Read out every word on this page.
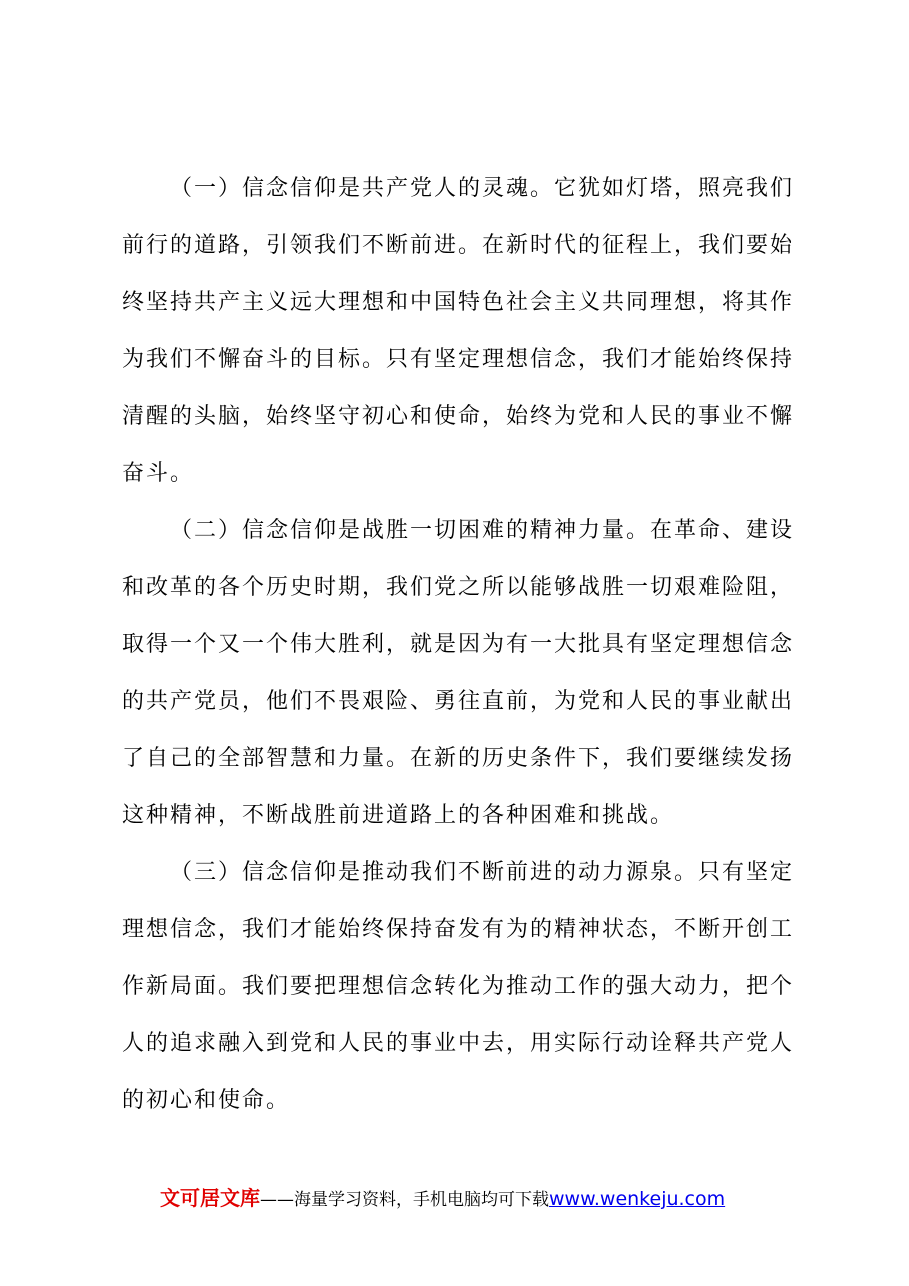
（一）信念信仰是共产党人的灵魂。它犹如灯塔，照亮我们前行的道路，引领我们不断前进。在新时代的征程上，我们要始终坚持共产主义远大理想和中国特色社会主义共同理想，将其作为我们不懈奋斗的目标。只有坚定理想信念，我们才能始终保持清醒的头脑，始终坚守初心和使命，始终为党和人民的事业不懈奋斗。

（二）信念信仰是战胜一切困难的精神力量。在革命、建设和改革的各个历史时期，我们党之所以能够战胜一切艰难险阻，取得一个又一个伟大胜利，就是因为有一大批具有坚定理想信念的共产党员，他们不畏艰险、勇往直前，为党和人民的事业献出了自己的全部智慧和力量。在新的历史条件下，我们要继续发扬这种精神，不断战胜前进道路上的各种困难和挑战。

（三）信念信仰是推动我们不断前进的动力源泉。只有坚定理想信念，我们才能始终保持奋发有为的精神状态，不断开创工作新局面。我们要把理想信念转化为推动工作的强大动力，把个人的追求融入到党和人民的事业中去，用实际行动诠释共产党人的初心和使命。

文可居文库——海量学习资料，手机电脑均可下载www.wenkeju.com
